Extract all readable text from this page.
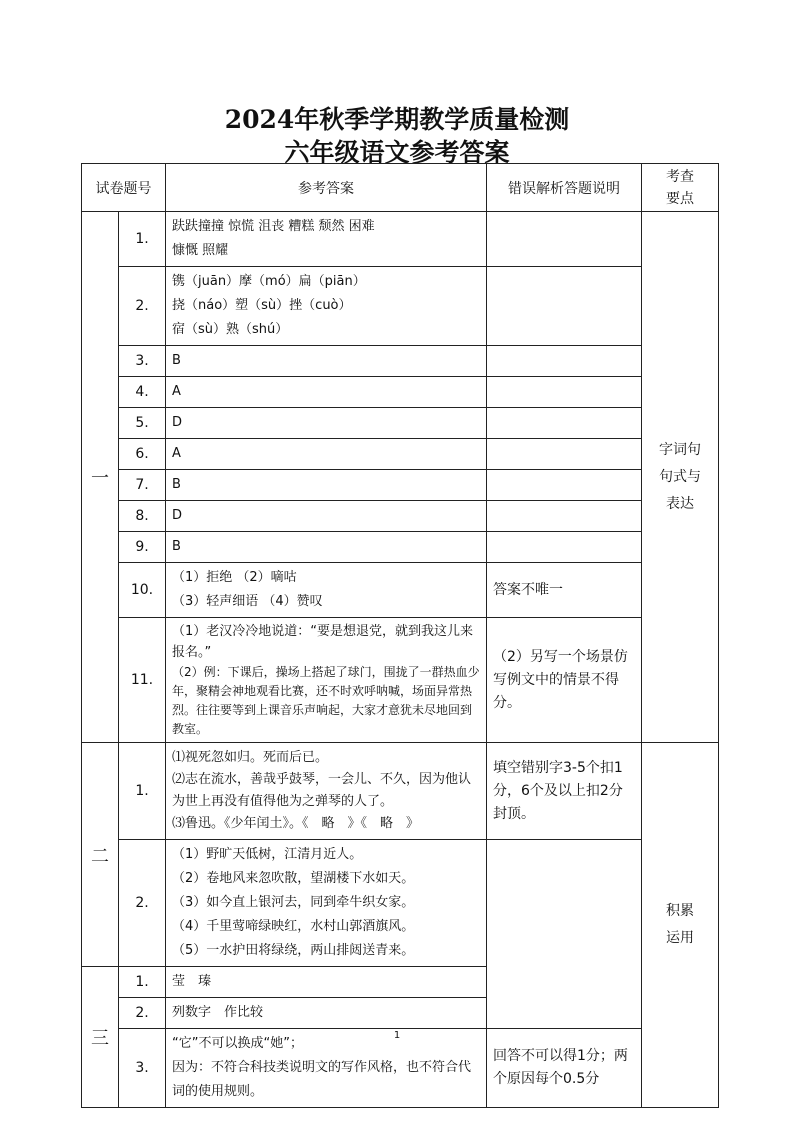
2024年秋季学期教学质量检测
六年级语文参考答案
试卷题号		参考答案	错误解析答题说明	考查要点

一	1.	趺趺撞撞 惊慌 沮丧 糟糕 颓然 困难
慷慨 照耀		字词句句式与表达

	2.	镌（juān）摩（mó）扁（piān）
挠（náo）塑（sù）挫（cuò）
宿（sù）熟（shú）		

	3.	B		
	4.	A		
	5.	D		
	6.	A		
	7.	B		
	8.	D		
	9.	B		
	10.	（1）拒绝 （2）嘀咕
（3）轻声细语 （4）赞叹	答案不唯一	
	11.	（1）老汉冷冷地说道：“要是想退党，就到我这儿来报名。”
（2）例：下课后，操场上搭起了球门，围拢了一群热血少年，聚精会神地观看比赛，还不时欢呼呐喊，场面异常热烈。往往要等到上课音乐声响起，大家才意犹未尽地回到教室。	（2）另写一个场景仿写例文中的情景不得分。	
二	1.	⑴视死忽如归。死而后已。
⑵志在流水，善哉乎鼓琴，一会儿、不久，因为他认为世上再没有值得他为之弹琴的人了。
⑶鲁迅。《少年闰土》。《　略　》《　略　》	填空错别字3-5个扣1分，6个及以上扣2分封顶。	积累运用

	2.	（1）野旷天低树，江清月近人。
（2）卷地风来忽吹散，望湖楼下水如天。
（3）如今直上银河去，同到牵牛织女家。
（4）千里莺啼绿映红，水村山郭酒旗风。
（5）一水护田将绿绕，两山排闼送青来。		

三	1.	莹　瑧		
	2.	列数字　作比较		
	3.	“它”不可以换成“她”；
因为：不符合科技类说明文的写作风格，也不符合代词的使用规则。	回答不可以得1分；两个原因每个0.5分	
1
